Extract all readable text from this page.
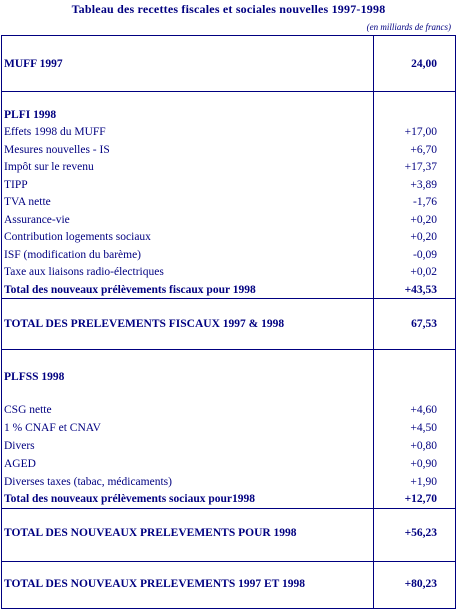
Tableau des recettes fiscales et sociales nouvelles 1997-1998
(en milliards de francs)
MUFF 1997	24,00
PLFI 1998
Effets 1998 du MUFF	+17,00
Mesures nouvelles - IS	+6,70
Impôt sur le revenu	+17,37
TIPP	+3,89
TVA nette	-1,76
Assurance-vie	+0,20
Contribution logements sociaux	+0,20
ISF (modification du barème)	-0,09
Taxe aux liaisons radio-électriques	+0,02
Total des nouveaux prélèvements fiscaux pour 1998	+43,53
TOTAL DES PRELEVEMENTS FISCAUX 1997 & 1998	67,53
PLFSS 1998
CSG nette	+4,60
1 % CNAF et CNAV	+4,50
Divers	+0,80
AGED	+0,90
Diverses taxes (tabac, médicaments)	+1,90
Total des nouveaux prélèvements sociaux pour1998	+12,70
TOTAL DES NOUVEAUX PRELEVEMENTS POUR 1998	+56,23
TOTAL DES NOUVEAUX PRELEVEMENTS 1997 ET 1998	+80,23
